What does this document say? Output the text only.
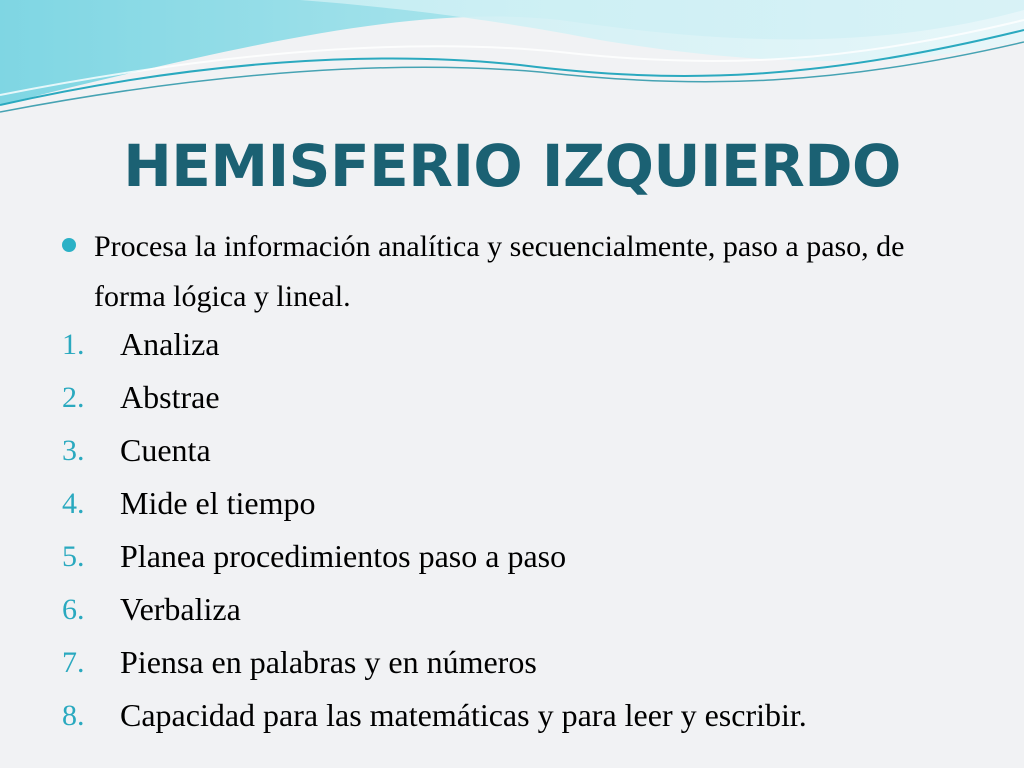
HEMISFERIO IZQUIERDO
Procesa la información analítica y secuencialmente, paso a paso, de forma lógica y lineal.
1.	Analiza
2.	Abstrae
3.	Cuenta
4.	Mide el tiempo
5.	Planea procedimientos paso a paso
6.	Verbaliza
7.	Piensa en palabras y en números
8.	Capacidad para las matemáticas y para leer y escribir.
